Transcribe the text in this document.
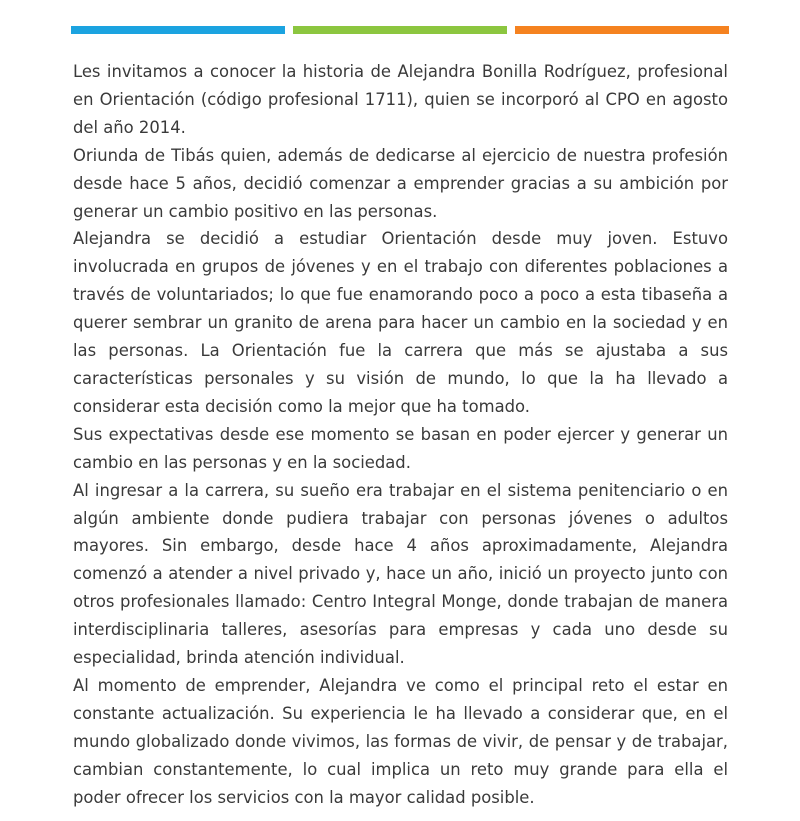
Les invitamos a conocer la historia de Alejandra Bonilla Rodríguez, profesional en Orientación (código profesional 1711), quien se incorporó al CPO en agosto del año 2014.

Oriunda de Tibás quien, además de dedicarse al ejercicio de nuestra profesión desde hace 5 años, decidió comenzar a emprender gracias a su ambición por generar un cambio positivo en las personas.

Alejandra se decidió a estudiar Orientación desde muy joven. Estuvo involucrada en grupos de jóvenes y en el trabajo con diferentes poblaciones a través de voluntariados; lo que fue enamorando poco a poco a esta tibaseña a querer sembrar un granito de arena para hacer un cambio en la sociedad y en las personas. La Orientación fue la carrera que más se ajustaba a sus características personales y su visión de mundo, lo que la ha llevado a considerar esta decisión como la mejor que ha tomado.

Sus expectativas desde ese momento se basan en poder ejercer y generar un cambio en las personas y en la sociedad.

Al ingresar a la carrera, su sueño era trabajar en el sistema penitenciario o en algún ambiente donde pudiera trabajar con personas jóvenes o adultos mayores. Sin embargo, desde hace 4 años aproximadamente, Alejandra comenzó a atender a nivel privado y, hace un año, inició un proyecto junto con otros profesionales llamado: Centro Integral Monge, donde trabajan de manera interdisciplinaria talleres, asesorías para empresas y cada uno desde su especialidad, brinda atención individual.

Al momento de emprender, Alejandra ve como el principal reto el estar en constante actualización. Su experiencia le ha llevado a considerar que, en el mundo globalizado donde vivimos, las formas de vivir, de pensar y de trabajar, cambian constantemente, lo cual implica un reto muy grande para ella el poder ofrecer los servicios con la mayor calidad posible.
